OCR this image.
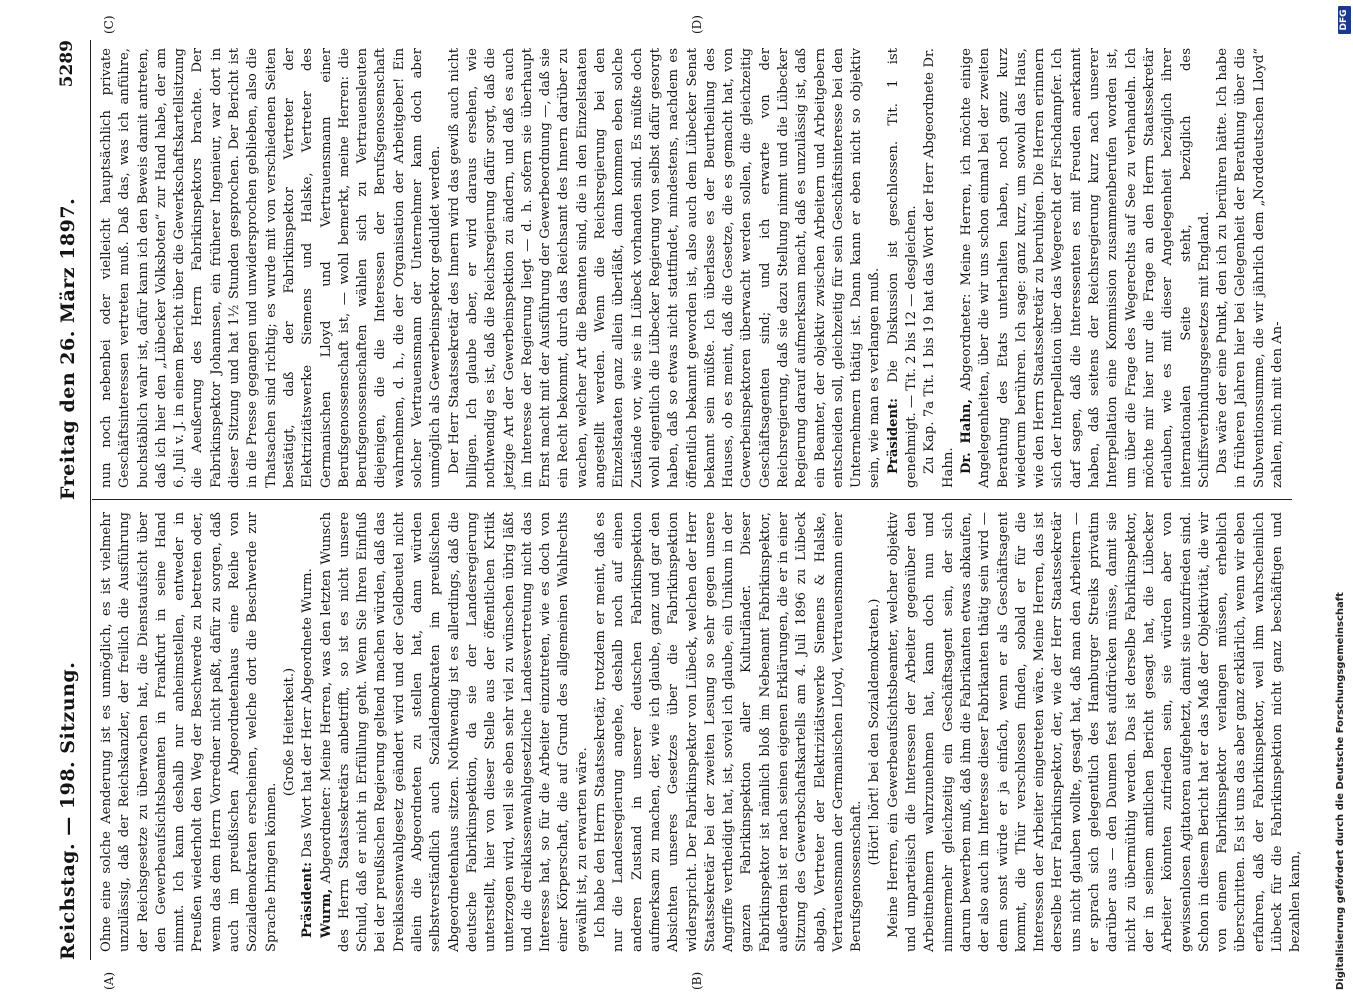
Reichstag. — 198. Sitzung.
Freitag den 26. März 1897.
5289
(A)	(B)
(C)	(D)

Ohne eine solche Aenderung ist es unmöglich, es ist vielmehr unzulässig, daß der Reichskanzler, der freilich die Ausführung der Reichsgesetze zu überwachen hat, die Dienstaufsicht über den Gewerbeaufsichtsbeamten in Frankfurt in seine Hand nimmt. Ich kann deshalb nur anheimstellen, entweder in Preußen wiederholt den Weg der Beschwerde zu betreten oder, wenn das dem Herrn Vorredner nicht paßt, dafür zu sorgen, daß auch im preußischen Abgeordnetenhaus eine Reihe von Sozialdemokraten erscheinen, welche dort die Beschwerde zur Sprache bringen können.

(Große Heiterkeit.)

Präsident: Das Wort hat der Herr Abgeordnete Wurm.

Wurm, Abgeordneter: Meine Herren, was den letzten Wunsch des Herrn Staatssekretärs anbetrifft, so ist es nicht unsere Schuld, daß er nicht in Erfüllung geht. Wenn Sie Ihren Einfluß bei der preußischen Regierung geltend machen würden, daß das Dreiklassenwahlgesetz geändert wird und der Geldbeutel nicht allein die Abgeordneten zu stellen hat, dann würden selbstverständlich auch Sozialdemokraten im preußischen Abgeordnetenhaus sitzen. Nothwendig ist es allerdings, daß die deutsche Fabrikinspektion, da sie der Landesregierung unterstellt, hier von dieser Stelle aus der öffentlichen Kritik unterzogen wird, weil sie eben sehr viel zu wünschen übrig läßt und die dreiklassenwahlgesetzliche Landesvertretung nicht das Interesse hat, so für die Arbeiter einzutreten, wie es doch von einer Körperschaft, die auf Grund des allgemeinen Wahlrechts gewählt ist, zu erwarten wäre. Ich habe den Herrn Staatssekretär, trotzdem er meint, daß es nur die Landesregierung angehe, deshalb noch auf einen anderen Zustand in unserer deutschen Fabrikinspektion aufmerksam zu machen, der, wie ich glaube, ganz und gar den Absichten unseres Gesetzes über die Fabrikinspektion widerspricht. Der Fabrikinspektor von Lübeck, welchen der Herr Staatssekretär bei der zweiten Lesung so sehr gegen unsere Angriffe vertheidigt hat, ist, soviel ich glaube, ein Unikum in der ganzen Fabrikinspektion aller Kulturländer. Dieser Fabrikinspektor ist nämlich bloß im Nebenamt Fabrikinspektor, außerdem ist er nach seinen eigenen Erklärungen, die er in einer Sitzung des Gewerbschaftskartells am 4. Juli 1896 zu Lübeck abgab, Vertreter der Elektrizitätswerke Siemens & Halske, Vertrauensmann der Germanischen Lloyd, Vertrauensmann einer Berufsgenossenschaft.

(Hört! hört! bei den Sozialdemokraten.) Meine Herren, ein Gewerbeaufsichtsbeamter, welcher objektiv und unparteiisch die Interessen der Arbeiter gegenüber den Arbeitnehmern wahrzunehmen hat, kann doch nun und nimmermehr gleichzeitig ein Geschäftsagent sein, der sich darum bewerben muß, daß ihm die Fabrikanten etwas abkaufen, der also auch im Interesse dieser Fabrikanten thätig sein wird — denn sonst würde er ja einfach, wenn er als Geschäftsagent kommt, die Thür verschlossen finden, sobald er für die Interessen der Arbeiter eingetreten wäre. Meine Herren, das ist derselbe Herr Fabrikinspektor, der, wie der Herr Staatssekretär uns nicht glauben wollte, gesagt hat, daß man den Arbeitern — er sprach sich gelegentlich des Hamburger Streiks privatim darüber aus — den Daumen fest aufdrücken müsse, damit sie nicht zu übermüthig werden. Das ist derselbe Fabrikinspektor, der in seinem amtlichen Bericht gesagt hat, die Lübecker Arbeiter könnten zufrieden sein, sie würden aber von gewissenlosen Agitatoren aufgehetzt, damit sie unzufrieden sind. Schon in diesem Bericht hat er das Maß der Objektivität, die wir von einem Fabrikinspektor verlangen müssen, erheblich überschritten. Es ist uns das aber ganz erklärlich, wenn wir eben erfahren, daß der Fabrikinspektor, weil ihm wahrscheinlich Lübeck für die Fabrikinspektion nicht ganz beschäftigen und bezahlen kann,

nun noch nebenbei oder vielleicht hauptsächlich private Geschäftsinteressen vertreten muß. Daß das, was ich anführe, buchstäblich wahr ist, dafür kann ich den Beweis damit antreten, daß ich hier den „Lübecker Volksboten“ zur Hand habe, der am 6. Juli v. J. in einem Bericht über die Gewerkschaftskartellsitzung die Aeußerung des Herrn Fabrikinspektors brachte. Der Fabrikinspektor Johannsen, ein früherer Ingenieur, war dort in dieser Sitzung und hat 1½ Stunden gesprochen. Der Bericht ist in die Presse gegangen und unwidersprochen geblieben, also die Thatsachen sind richtig; es wurde mit von verschiedenen Seiten bestätigt, daß der Fabrikinspektor Vertreter der Elektrizitätswerke Siemens und Halske, Vertreter des Germanischen Lloyd und Vertrauensmann einer Berufsgenossenschaft ist, — wohl bemerkt, meine Herren: die Berufsgenossenschaften wählen sich zu Vertrauensleuten diejenigen, die die Interessen der Berufsgenossenschaft wahrnehmen, d. h., die der Organisation der Arbeitgeber! Ein solcher Vertrauensmann der Unternehmer kann doch aber unmöglich als Gewerbeinspektor geduldet werden. Der Herr Staatssekretär des Innern wird das gewiß auch nicht billigen. Ich glaube aber, er wird daraus ersehen, wie nothwendig es ist, daß die Reichsregierung dafür sorgt, daß die jetzige Art der Gewerbeinspektion zu ändern, und daß es auch im Interesse der Regierung liegt — d. h. sofern sie überhaupt Ernst macht mit der Ausführung der Gewerbeordnung —, daß sie ein Recht bekommt, durch das Reichsamt des Innern darüber zu wachen, welcher Art die Beamten sind, die in den Einzelstaaten angestellt werden. Wenn die Reichsregierung bei den Einzelstaaten ganz allein überläßt, dann kommen eben solche Zustände vor, wie sie in Lübeck vorhanden sind. Es müßte doch wohl eigentlich die Lübecker Regierung von selbst dafür gesorgt haben, daß so etwas nicht stattfindet, mindestens, nachdem es öffentlich bekannt geworden ist, also auch dem Lübecker Senat bekannt sein müßte. Ich überlasse es der Beurtheilung des Hauses, ob es meint, daß die Gesetze, die es gemacht hat, von Gewerbeinspektoren überwacht werden sollen, die gleichzeitig Geschäftsagenten sind; und ich erwarte von der Reichsregierung, daß sie dazu Stellung nimmt und die Lübecker Regierung darauf aufmerksam macht, daß es unzulässig ist, daß ein Beamter, der objektiv zwischen Arbeitern und Arbeitgebern entscheiden soll, gleichzeitig für sein Geschäftsinteresse bei den Unternehmern thätig ist. Dann kann er eben nicht so objektiv sein, wie man es verlangen muß. Präsident: Die Diskussion ist geschlossen. Tit. 1 ist genehmigt. — Tit. 2 bis 12 — desgleichen. Zu Kap. 7a Tit. 1 bis 19 hat das Wort der Herr Abgeordnete Dr. Hahn. Dr. Hahn, Abgeordneter: Meine Herren, ich möchte einige Angelegenheiten, über die wir uns schon einmal bei der zweiten Berathung des Etats unterhalten haben, noch ganz kurz wiederum berühren. Ich sage: ganz kurz, um sowohl das Haus, wie den Herrn Staatssekretär zu beruhigen. Die Herren erinnern sich der Interpellation über das Wegerecht der Fischdampfer. Ich darf sagen, daß die Interessenten es mit Freuden anerkannt haben, daß seitens der Reichsregierung kurz nach unserer Interpellation eine Kommission zusammenberufen worden ist, um über die Frage des Wegerechts auf See zu verhandeln. Ich möchte mir hier nur die Frage an den Herrn Staatssekretär erlauben, wie es mit dieser Angelegenheit bezüglich ihrer internationalen Seite steht, bezüglich des Schiffsverbindungsgesetzes mit England. Das wäre der eine Punkt, den ich zu berühren hätte. Ich habe in früheren Jahren hier bei Gelegenheit der Berathung über die Subventionssumme, die wir jährlich dem „Norddeutschen Lloyd“ zahlen, mich mit den An-

DFG
Digitalisierung gefördert durch die Deutsche Forschungsgemeinschaft
